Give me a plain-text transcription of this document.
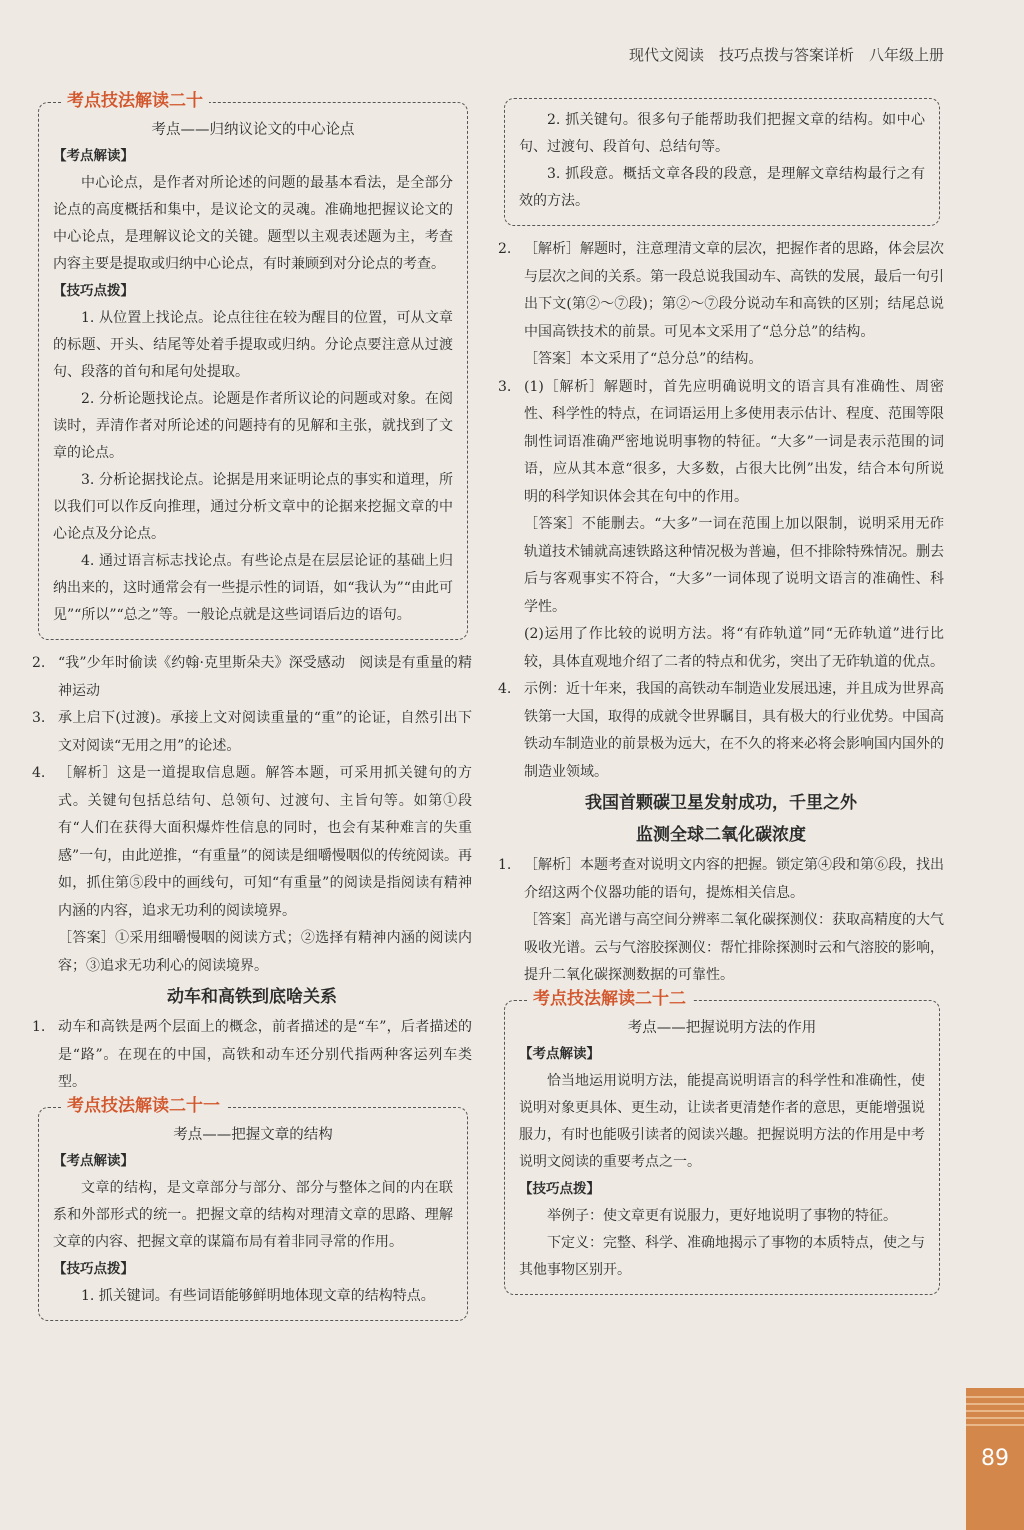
现代文阅读　技巧点拨与答案详析　八年级上册
考点技法解读二十
考点——归纳议论文的中心论点
【考点解读】

中心论点，是作者对所论述的问题的最基本看法，是全部分论点的高度概括和集中，是议论文的灵魂。准确地把握议论文的中心论点，是理解议论文的关键。题型以主观表述题为主，考查内容主要是提取或归纳中心论点，有时兼顾到对分论点的考查。

【技巧点拨】

1. 从位置上找论点。论点往往在较为醒目的位置，可从文章的标题、开头、结尾等处着手提取或归纳。分论点要注意从过渡句、段落的首句和尾句处提取。

2. 分析论题找论点。论题是作者所议论的问题或对象。在阅读时，弄清作者对所论述的问题持有的见解和主张，就找到了文章的论点。

3. 分析论据找论点。论据是用来证明论点的事实和道理，所以我们可以作反向推理，通过分析文章中的论据来挖掘文章的中心论点及分论点。

4. 通过语言标志找论点。有些论点是在层层论证的基础上归纳出来的，这时通常会有一些提示性的词语，如“我认为”“由此可见”“所以”“总之”等。一般论点就是这些词语后边的语句。

2. “我”少年时偷读《约翰·克里斯朵夫》深受感动　阅读是有重量的精神运动

3. 承上启下(过渡)。承接上文对阅读重量的“重”的论证，自然引出下文对阅读“无用之用”的论述。

4. ［解析］这是一道提取信息题。解答本题，可采用抓关键句的方式。关键句包括总结句、总领句、过渡句、主旨句等。如第①段有“人们在获得大面积爆炸性信息的同时，也会有某种难言的失重感”一句，由此逆推，“有重量”的阅读是细嚼慢咽似的传统阅读。再如，抓住第⑤段中的画线句，可知“有重量”的阅读是指阅读有精神内涵的内容，追求无功利的阅读境界。

［答案］①采用细嚼慢咽的阅读方式；②选择有精神内涵的阅读内容；③追求无功利心的阅读境界。

动车和高铁到底啥关系

1. 动车和高铁是两个层面上的概念，前者描述的是“车”，后者描述的是“路”。在现在的中国，高铁和动车还分别代指两种客运列车类型。

考点技法解读二十一
考点——把握文章的结构
【考点解读】

文章的结构，是文章部分与部分、部分与整体之间的内在联系和外部形式的统一。把握文章的结构对理清文章的思路、理解文章的内容、把握文章的谋篇布局有着非同寻常的作用。

【技巧点拨】

1. 抓关键词。有些词语能够鲜明地体现文章的结构特点。

2. 抓关键句。很多句子能帮助我们把握文章的结构。如中心句、过渡句、段首句、总结句等。

3. 抓段意。概括文章各段的段意，是理解文章结构最行之有效的方法。

2. ［解析］解题时，注意理清文章的层次，把握作者的思路，体会层次与层次之间的关系。第一段总说我国动车、高铁的发展，最后一句引出下文(第②～⑦段)；第②～⑦段分说动车和高铁的区别；结尾总说中国高铁技术的前景。可见本文采用了“总分总”的结构。

［答案］本文采用了“总分总”的结构。

3. (1)［解析］解题时，首先应明确说明文的语言具有准确性、周密性、科学性的特点，在词语运用上多使用表示估计、程度、范围等限制性词语准确严密地说明事物的特征。“大多”一词是表示范围的词语，应从其本意“很多，大多数，占很大比例”出发，结合本句所说明的科学知识体会其在句中的作用。

［答案］不能删去。“大多”一词在范围上加以限制，说明采用无砟轨道技术铺就高速铁路这种情况极为普遍，但不排除特殊情况。删去后与客观事实不符合，“大多”一词体现了说明文语言的准确性、科学性。

(2)运用了作比较的说明方法。将“有砟轨道”同“无砟轨道”进行比较，具体直观地介绍了二者的特点和优劣，突出了无砟轨道的优点。

4. 示例：近十年来，我国的高铁动车制造业发展迅速，并且成为世界高铁第一大国，取得的成就令世界瞩目，具有极大的行业优势。中国高铁动车制造业的前景极为远大，在不久的将来必将会影响国内国外的制造业领域。

我国首颗碳卫星发射成功，千里之外
监测全球二氧化碳浓度

1. ［解析］本题考查对说明文内容的把握。锁定第④段和第⑥段，找出介绍这两个仪器功能的语句，提炼相关信息。

［答案］高光谱与高空间分辨率二氧化碳探测仪：获取高精度的大气吸收光谱。云与气溶胶探测仪：帮忙排除探测时云和气溶胶的影响，提升二氧化碳探测数据的可靠性。

考点技法解读二十二
考点——把握说明方法的作用
【考点解读】

恰当地运用说明方法，能提高说明语言的科学性和准确性，使说明对象更具体、更生动，让读者更清楚作者的意思，更能增强说服力，有时也能吸引读者的阅读兴趣。把握说明方法的作用是中考说明文阅读的重要考点之一。

【技巧点拨】

举例子：使文章更有说服力，更好地说明了事物的特征。

下定义：完整、科学、准确地揭示了事物的本质特点，使之与其他事物区别开。

89
